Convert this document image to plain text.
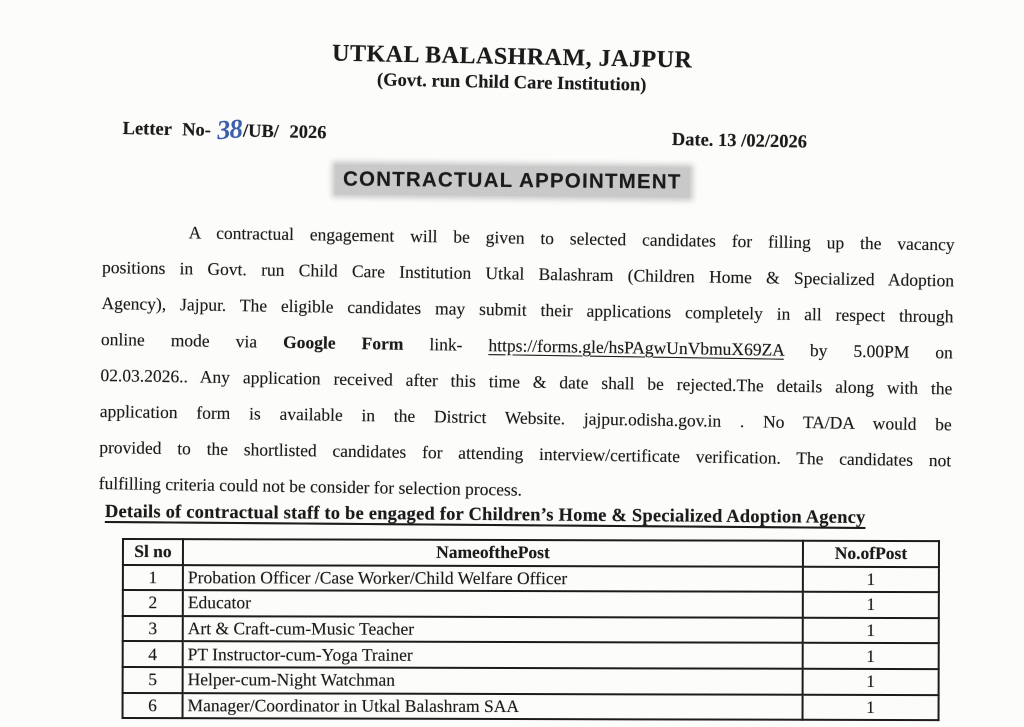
UTKAL BALASHRAM, JAJPUR
(Govt. run Child Care Institution)
Letter No- 38/UB/ 2026	Date. 13 /02/2026
CONTRACTUAL APPOINTMENT
A contractual engagement will be given to selected candidates for filling up the vacancy
positions in Govt. run Child Care Institution Utkal Balashram (Children Home & Specialized Adoption
Agency), Jajpur. The eligible candidates may submit their applications completely in all respect through
online mode via Google Form link- https://forms.gle/hsPAgwUnVbmuX69ZA by 5.00PM on
02.03.2026.. Any application received after this time & date shall be rejected.The details along with the
application form is available in the District Website. jajpur.odisha.gov.in . No TA/DA would be
provided to the shortlisted candidates for attending interview/certificate verification. The candidates not
fulfilling criteria could not be consider for selection process.
Details of contractual staff to be engaged for Children’s Home & Specialized Adoption Agency
Sl no	NameofthePost	No.ofPost
1	Probation Officer /Case Worker/Child Welfare Officer	1
2	Educator	1
3	Art & Craft-cum-Music Teacher	1
4	PT Instructor-cum-Yoga Trainer	1
5	Helper-cum-Night Watchman	1
6	Manager/Coordinator in Utkal Balashram SAA	1
